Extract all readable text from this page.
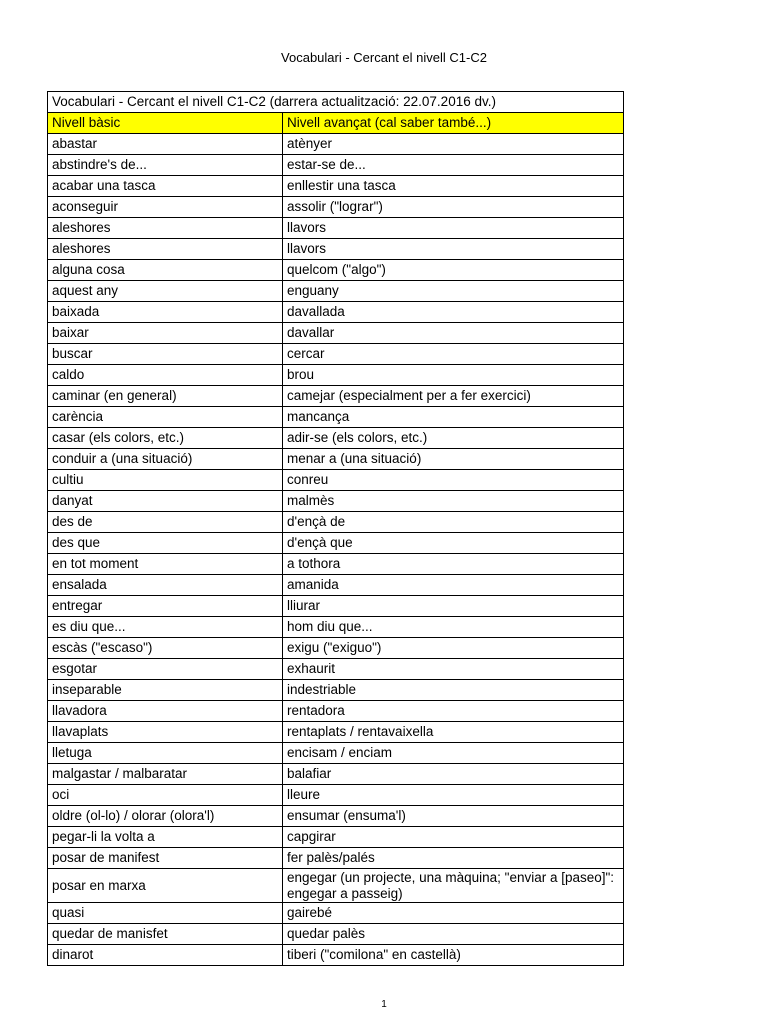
Vocabulari - Cercant el nivell C1-C2
Vocabulari - Cercant el nivell C1-C2 (darrera actualització: 22.07.2016 dv.)	
Nivell bàsic	Nivell avançat (cal saber també...)
abastar	atènyer
abstindre's de...	estar-se de...
acabar una tasca	enllestir una tasca
aconseguir	assolir ("lograr")
aleshores	llavors
aleshores	llavors
alguna cosa	quelcom ("algo")
aquest any	enguany
baixada	davallada
baixar	davallar
buscar	cercar
caldo	brou
caminar (en general)	camejar (especialment per a fer exercici)
carència	mancança
casar (els colors, etc.)	adir-se (els colors, etc.)
conduir a (una situació)	menar a (una situació)
cultiu	conreu
danyat	malmès
des de	d'ençà de
des que	d'ençà que
en tot moment	a tothora
ensalada	amanida
entregar	lliurar
es diu que...	hom diu que...
escàs ("escaso")	exigu ("exiguo")
esgotar	exhaurit
inseparable	indestriable
llavadora	rentadora
llavaplats	rentaplats / rentavaixella
lletuga	encisam / enciam
malgastar / malbaratar	balafiar
oci	lleure
oldre (ol-lo) / olorar (olora'l)	ensumar (ensuma'l)
pegar-li la volta a	capgirar
posar de manifest	fer palès/palés
posar en marxa	engegar (un projecte, una màquina; "enviar a [paseo]": engegar a passeig)
quasi	gairebé
quedar de manisfet	quedar palès
dinarot	tiberi ("comilona" en castellà)
1
